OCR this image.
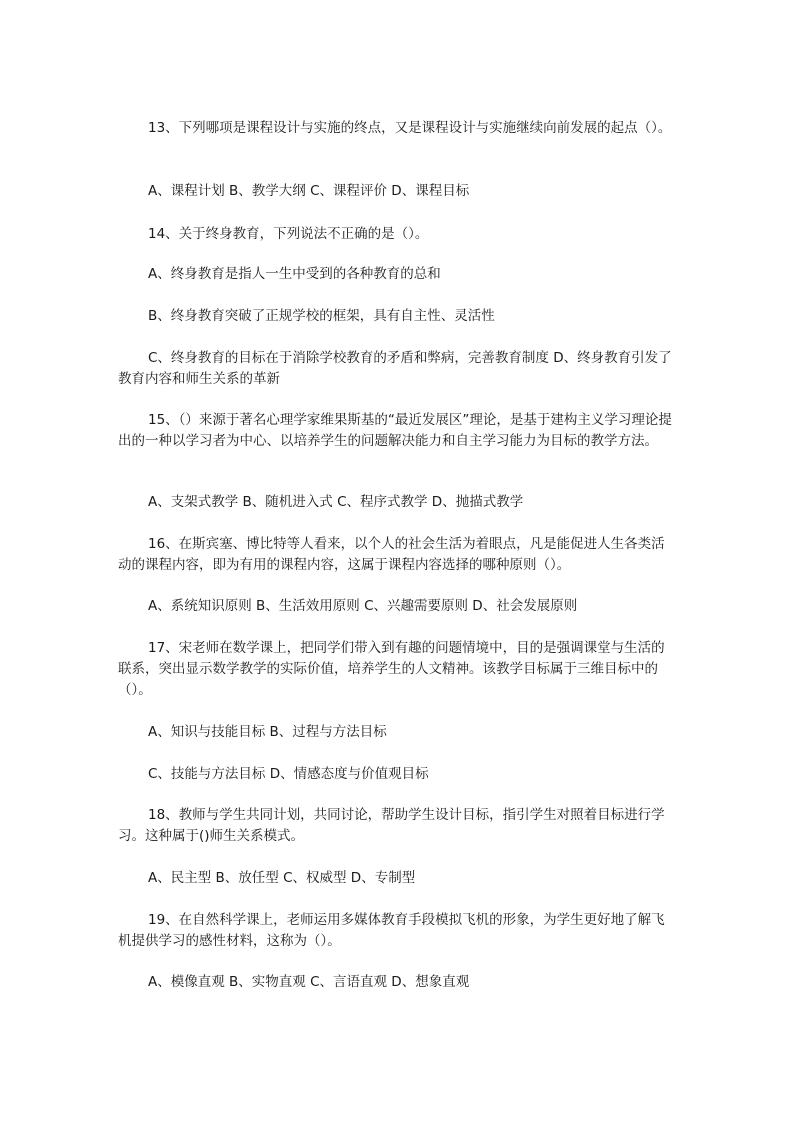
13、下列哪项是课程设计与实施的终点，又是课程设计与实施继续向前发展的起点（）。
A、课程计划 B、教学大纲 C、课程评价 D、课程目标
14、关于终身教育，下列说法不正确的是（）。
A、终身教育是指人一生中受到的各种教育的总和
B、终身教育突破了正规学校的框架，具有自主性、灵活性
C、终身教育的目标在于消除学校教育的矛盾和弊病，完善教育制度 D、终身教育引发了教育内容和师生关系的革新
15、（）来源于著名心理学家维果斯基的“最近发展区”理论，是基于建构主义学习理论提出的一种以学习者为中心、以培养学生的问题解决能力和自主学习能力为目标的教学方法。
A、支架式教学 B、随机进入式 C、程序式教学 D、抛描式教学
16、在斯宾塞、博比特等人看来，以个人的社会生活为着眼点，凡是能促进人生各类活动的课程内容，即为有用的课程内容，这属于课程内容选择的哪种原则（）。
A、系统知识原则 B、生活效用原则 C、兴趣需要原则 D、社会发展原则
17、宋老师在数学课上，把同学们带入到有趣的问题情境中，目的是强调课堂与生活的联系，突出显示数学教学的实际价值，培养学生的人文精神。该教学目标属于三维目标中的（）。
A、知识与技能目标 B、过程与方法目标
C、技能与方法目标 D、情感态度与价值观目标
18、教师与学生共同计划，共同讨论，帮助学生设计目标，指引学生对照着目标进行学习。这种属于()师生关系模式。
A、民主型 B、放任型 C、权威型 D、专制型
19、在自然科学课上，老师运用多媒体教育手段模拟飞机的形象，为学生更好地了解飞机提供学习的感性材料，这称为（）。
A、模像直观 B、实物直观 C、言语直观 D、想象直观
